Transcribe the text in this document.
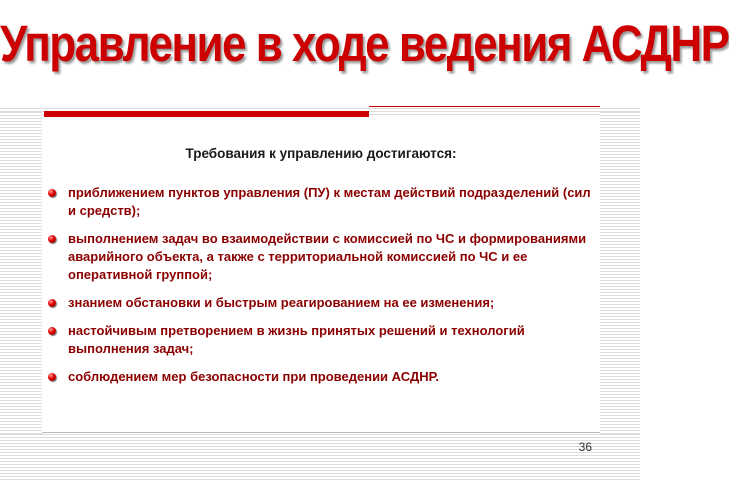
Управление в ходе ведения АСДНР
Требования к управлению достигаются:
приближением пунктов управления (ПУ) к местам действий подразделений (сил и средств);
выполнением задач во взаимодействии с комиссией по ЧС и формированиями аварийного объекта, а также с территориальной комиссией по ЧС и ее оперативной группой;
знанием обстановки и быстрым реагированием на ее изменения;
настойчивым претворением в жизнь принятых решений и технологий выполнения задач;
соблюдением мер безопасности при проведении АСДНР.
36
